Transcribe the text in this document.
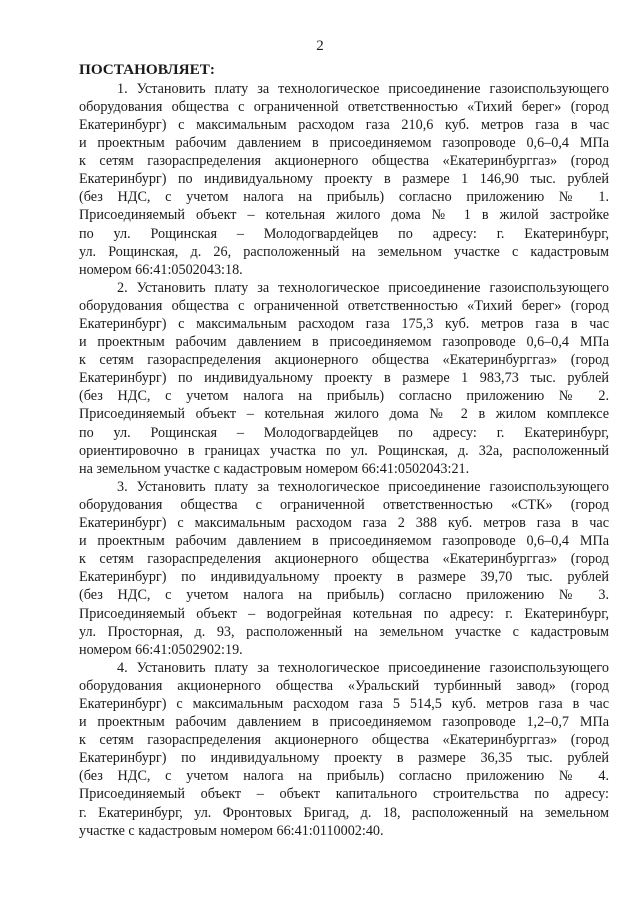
2

ПОСТАНОВЛЯЕТ:

1. Установить плату за технологическое присоединение газоиспользующего
оборудования общества с ограниченной ответственностью «Тихий берег» (город
Екатеринбург) с максимальным расходом газа 210,6 куб. метров газа в час
и проектным рабочим давлением в присоединяемом газопроводе 0,6–0,4 МПа
к сетям газораспределения акционерного общества «Екатеринбурггаз» (город
Екатеринбург) по индивидуальному проекту в размере 1 146,90 тыс. рублей
(без НДС, с учетом налога на прибыль) согласно приложению № 1.
Присоединяемый объект – котельная жилого дома № 1 в жилой застройке
по ул. Рощинская – Молодогвардейцев по адресу: г. Екатеринбург,
ул. Рощинская, д. 26, расположенный на земельном участке с кадастровым
номером 66:41:0502043:18.

2. Установить плату за технологическое присоединение газоиспользующего
оборудования общества с ограниченной ответственностью «Тихий берег» (город
Екатеринбург) с максимальным расходом газа 175,3 куб. метров газа в час
и проектным рабочим давлением в присоединяемом газопроводе 0,6–0,4 МПа
к сетям газораспределения акционерного общества «Екатеринбурггаз» (город
Екатеринбург) по индивидуальному проекту в размере 1 983,73 тыс. рублей
(без НДС, с учетом налога на прибыль) согласно приложению № 2.
Присоединяемый объект – котельная жилого дома № 2 в жилом комплексе
по ул. Рощинская – Молодогвардейцев по адресу: г. Екатеринбург,
ориентировочно в границах участка по ул. Рощинская, д. 32а, расположенный
на земельном участке с кадастровым номером 66:41:0502043:21.

3. Установить плату за технологическое присоединение газоиспользующего
оборудования общества с ограниченной ответственностью «СТК» (город
Екатеринбург) с максимальным расходом газа 2 388 куб. метров газа в час
и проектным рабочим давлением в присоединяемом газопроводе 0,6–0,4 МПа
к сетям газораспределения акционерного общества «Екатеринбурггаз» (город
Екатеринбург) по индивидуальному проекту в размере 39,70 тыс. рублей
(без НДС, с учетом налога на прибыль) согласно приложению № 3.
Присоединяемый объект – водогрейная котельная по адресу: г. Екатеринбург,
ул. Просторная, д. 93, расположенный на земельном участке с кадастровым
номером 66:41:0502902:19.

4. Установить плату за технологическое присоединение газоиспользующего
оборудования акционерного общества «Уральский турбинный завод» (город
Екатеринбург) с максимальным расходом газа 5 514,5 куб. метров газа в час
и проектным рабочим давлением в присоединяемом газопроводе 1,2–0,7 МПа
к сетям газораспределения акционерного общества «Екатеринбурггаз» (город
Екатеринбург) по индивидуальному проекту в размере 36,35 тыс. рублей
(без НДС, с учетом налога на прибыль) согласно приложению № 4.
Присоединяемый объект – объект капитального строительства по адресу:
г. Екатеринбург, ул. Фронтовых Бригад, д. 18, расположенный на земельном
участке с кадастровым номером 66:41:0110002:40.
